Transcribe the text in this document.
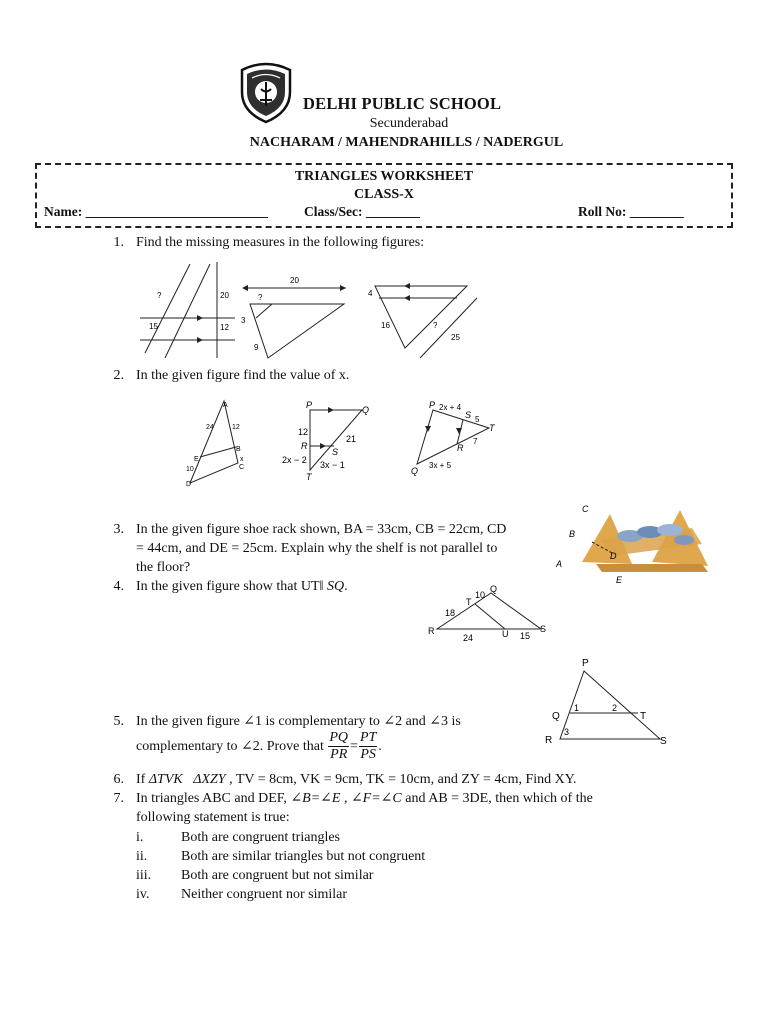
DELHI PUBLIC SCHOOL
Secunderabad
NACHARAM / MAHENDRAHILLS / NADERGUL
TRIANGLES WORKSHEET
CLASS-X
Name: ___________________________	Class/Sec: ________	Roll No: ________
1. Find the missing measures in the following figures:
?	20
15	12
20
?
3
9
4
16	?
25
2. In the given figure find the value of x.
A
B
C
D
E
24	12
10
x
P	Q
R
S
T
12
21
2x − 2 3x − 1
P
S
T
R
Q
2x + 4
5
7
3x + 5
3. In the given figure shoe rack shown, BA = 33cm, CB = 22cm, CD
= 44cm, and DE = 25cm. Explain why the shelf is not parallel to
the floor?
C
B
D
A
E
4. In the given figure show that UT‖ SQ.
R
T
Q
U	S
10
18
24	15
P
Q
R	S
T
1	2
3
5. In the given figure ∠1 is complementary to ∠2 and ∠3 is
complementary to ∠2. Prove that $\frac{PQ}{PR} = \frac{PT}{PS}$ .
6. If ΔTVK ΔXZY , TV = 8cm, VK = 9cm, TK = 10cm, and ZY = 4cm, Find XY.
7. In triangles ABC and DEF, ∠B=∠E , ∠F=∠C and AB = 3DE, then which of the
following statement is true:
i.	Both are congruent triangles
ii. Both are similar triangles but not congruent
iii. Both are congruent but not similar
iv. Neither congruent nor similar
